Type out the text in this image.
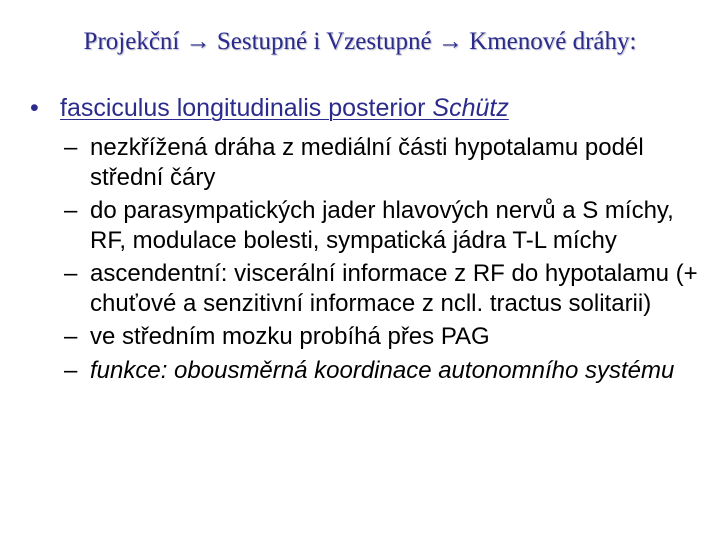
Projekční → Sestupné i Vzestupné → Kmenové dráhy:
• fasciculus longitudinalis posterior Schütz
– nezkřížená dráha z mediální části hypotalamu podél střední čáry
– do parasympatických jader hlavových nervů a S míchy, RF, modulace bolesti, sympatická jádra T-L míchy
– ascendentní: viscerální informace z RF do hypotalamu (+ chuťové a senzitivní informace z ncll. tractus solitarii)
– ve středním mozku probíhá přes PAG
– funkce: obousměrná koordinace autonomního systému
